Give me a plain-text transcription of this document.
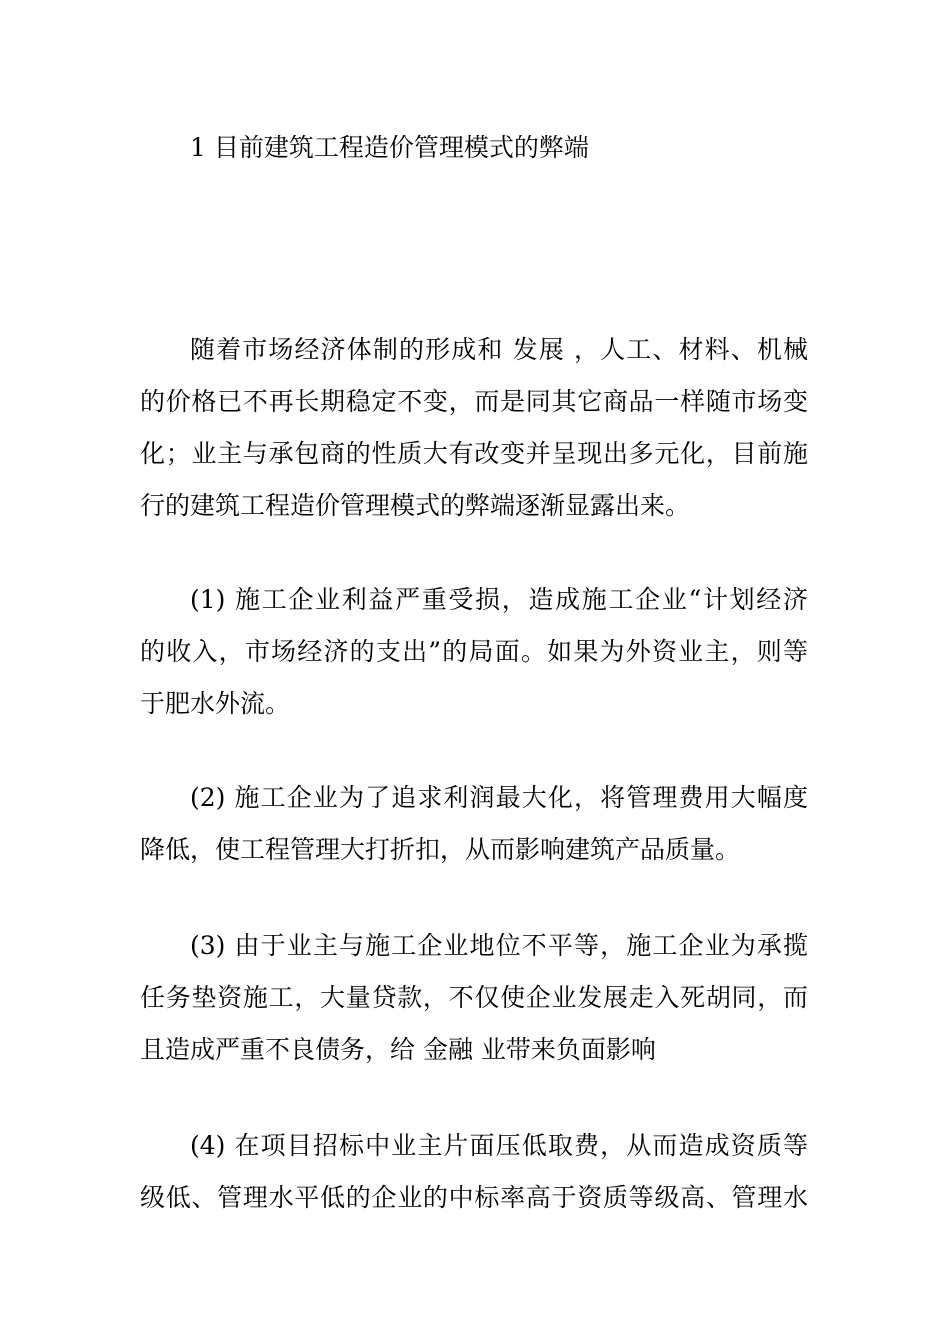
1 目前建筑工程造价管理模式的弊端
随着市场经济体制的形成和 发展 ，人工、材料、机械
的价格已不再长期稳定不变，而是同其它商品一样随市场变
化；业主与承包商的性质大有改变并呈现出多元化，目前施
行的建筑工程造价管理模式的弊端逐渐显露出来。
(1) 施工企业利益严重受损，造成施工企业“计划经济
的收入，市场经济的支出”的局面。如果为外资业主，则等
于肥水外流。
(2) 施工企业为了追求利润最大化，将管理费用大幅度
降低，使工程管理大打折扣，从而影响建筑产品质量。
(3) 由于业主与施工企业地位不平等，施工企业为承揽
任务垫资施工，大量贷款，不仅使企业发展走入死胡同，而
且造成严重不良债务，给 金融 业带来负面影响
(4) 在项目招标中业主片面压低取费，从而造成资质等
级低、管理水平低的企业的中标率高于资质等级高、管理水
